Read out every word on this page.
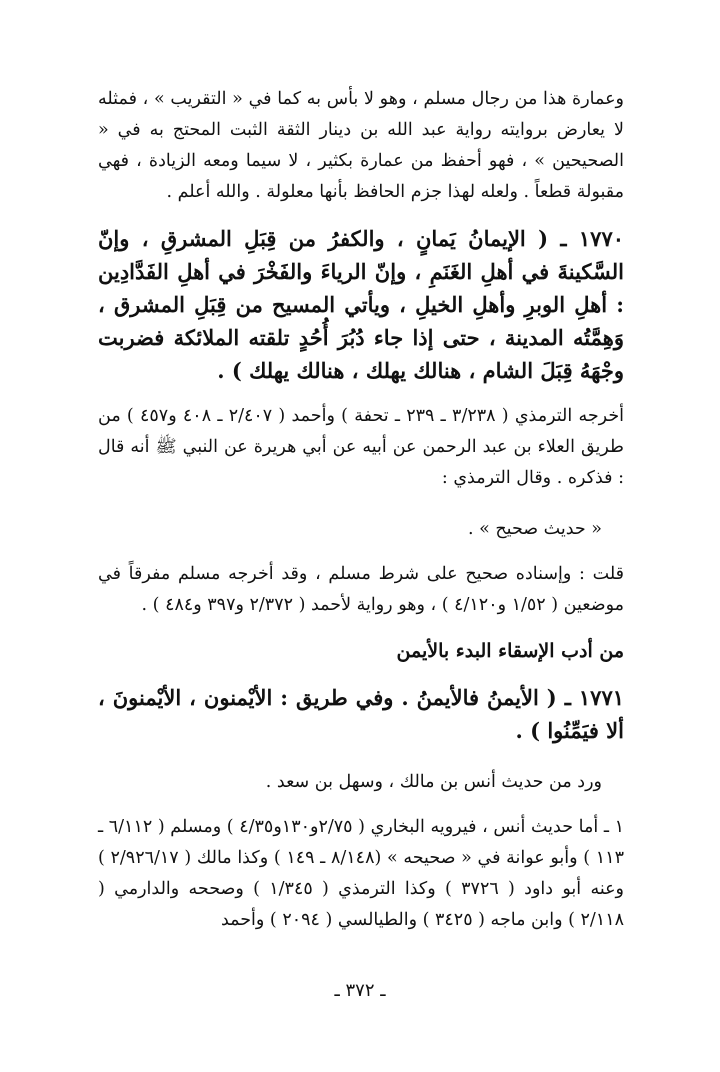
وعمارة هذا من رجال مسلم ، وهو لا بأس به كما في « التقريب » ، فمثله لا يعارض بروايته رواية عبد الله بن دينار الثقة الثبت المحتج به في « الصحيحين » ، فهو أحفظ من عمارة بكثير ، لا سيما ومعه الزيادة ، فهي مقبولة قطعاً . ولعله لهذا جزم الحافظ بأنها معلولة . والله أعلم .

١٧٧٠ ـ ( الإيمانُ يَمانٍ ، والكفرُ من قِبَلِ المشرقِ ، وإنّ السَّكينةَ في أهلِ الغَنَمِ ، وإنّ الرياءَ والفَخْرَ في أهلِ الفَدَّادِين : أهلِ الوبرِ وأهلِ الخيلِ ، ويأتي المسيح من قِبَلِ المشرق ، وَهِمَّتُه المدينة ، حتى إذا جاء دُبُرَ أُحُدٍ تلقته الملائكة فضربت وجْهَهُ قِبَلَ الشام ، هنالك يهلك ، هنالك يهلك ) .

أخرجه الترمذي ( ٣/٢٣٨ ـ ٢٣٩ ـ تحفة ) وأحمد ( ٢/٤٠٧ ـ ٤٠٨ و٤٥٧ ) من طريق العلاء بن عبد الرحمن عن أبيه عن أبي هريرة عن النبي ﷺ أنه قال : فذكره . وقال الترمذي :

« حديث صحيح » .

قلت : وإسناده صحيح على شرط مسلم ، وقد أخرجه مسلم مفرقاً في موضعين ( ١/٥٢ و٤/١٢٠ ) ، وهو رواية لأحمد ( ٢/٣٧٢ و٣٩٧ و٤٨٤ ) .

من أدب الإسقاء البدء بالأيمن

١٧٧١ ـ ( الأيمنُ فالأيمنُ . وفي طريق : الأيْمنون ، الأيْمنونَ ، ألا فيَمِّنُوا ) .

ورد من حديث أنس بن مالك ، وسهل بن سعد .

١ ـ أما حديث أنس ، فيرويه البخاري ( ٢/٧٥و١٣٠و٤/٣٥ ) ومسلم ( ٦/١١٢ ـ ١١٣ ) وأبو عوانة في « صحيحه » (٨/١٤٨ ـ ١٤٩ ) وكذا مالك ( ٢/٩٢٦/١٧ ) وعنه أبو داود ( ٣٧٢٦ ) وكذا الترمذي ( ١/٣٤٥ ) وصححه والدارمي ( ٢/١١٨ ) وابن ماجه ( ٣٤٢٥ ) والطيالسي ( ٢٠٩٤ ) وأحمد

ـ ٣٧٢ ـ
